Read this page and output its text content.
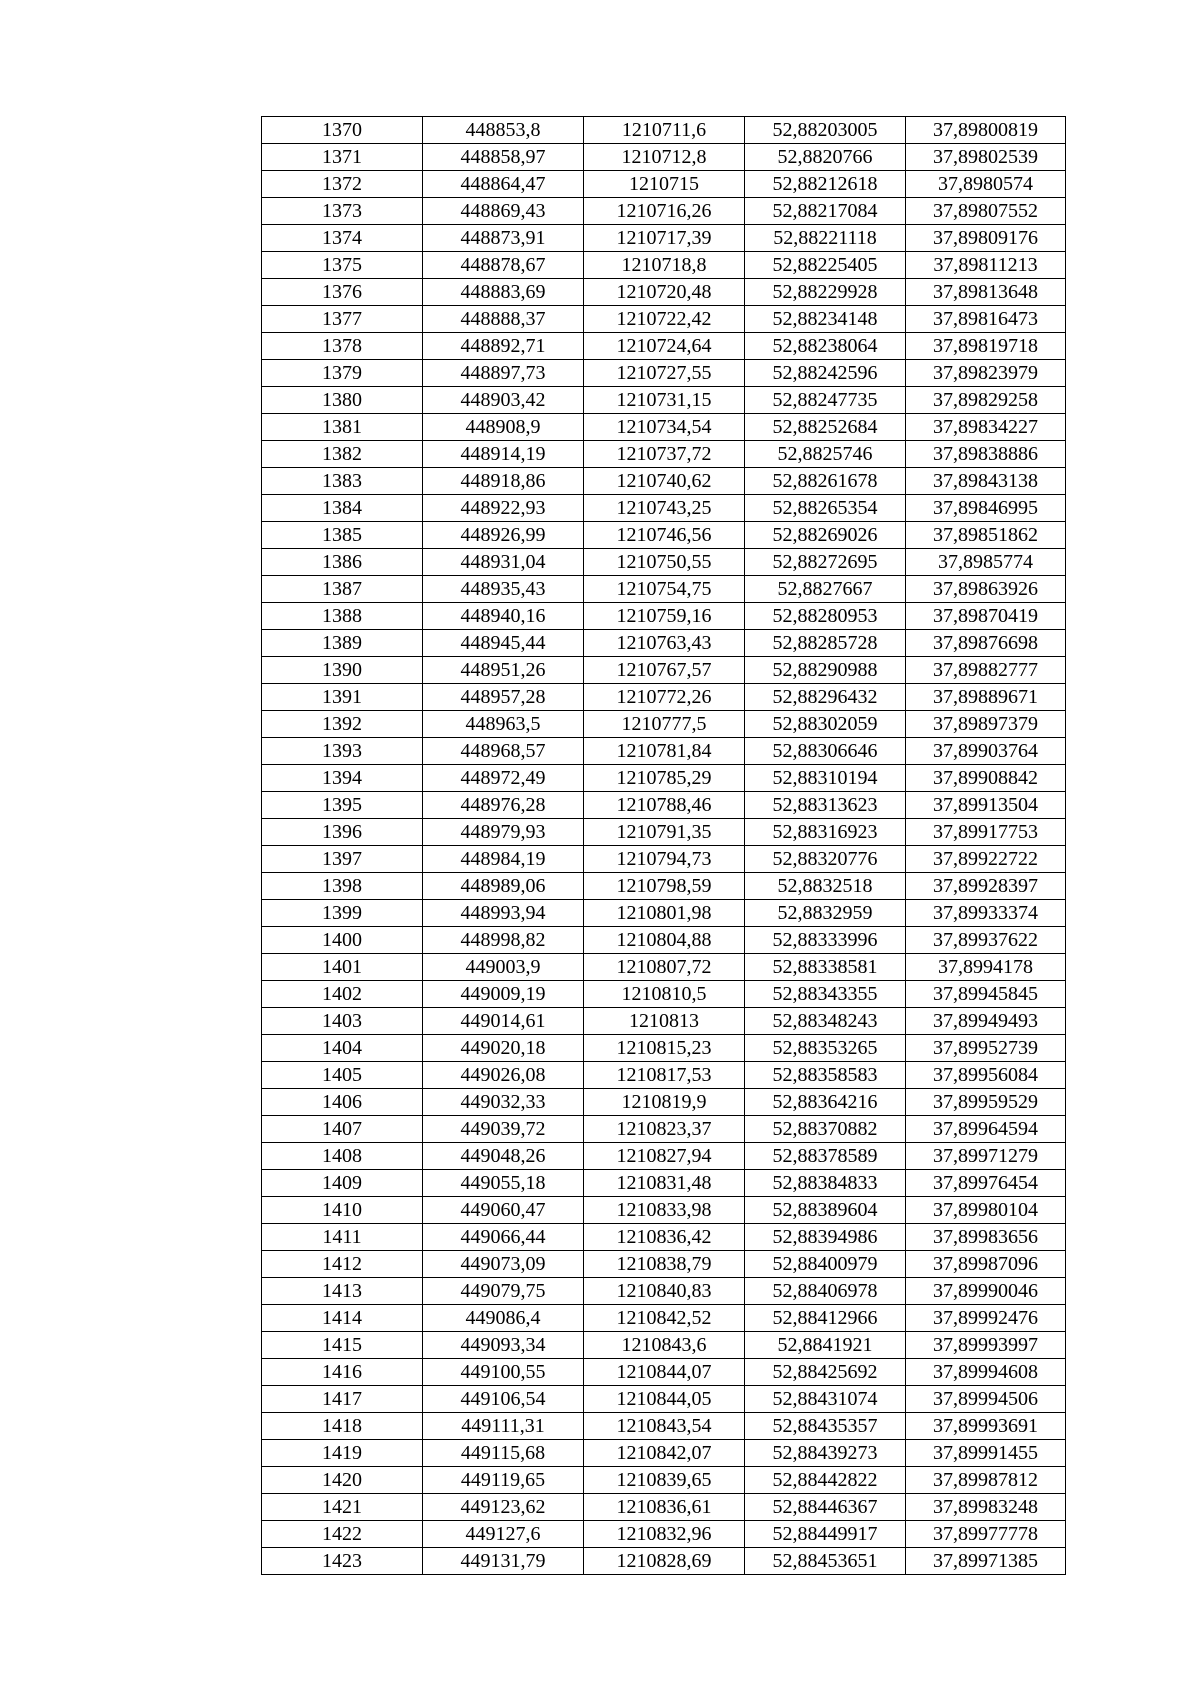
1370	448853,8	1210711,6	52,88203005	37,89800819
1371	448858,97	1210712,8	52,8820766	37,89802539
1372	448864,47	1210715	52,88212618	37,8980574
1373	448869,43	1210716,26	52,88217084	37,89807552
1374	448873,91	1210717,39	52,88221118	37,89809176
1375	448878,67	1210718,8	52,88225405	37,89811213
1376	448883,69	1210720,48	52,88229928	37,89813648
1377	448888,37	1210722,42	52,88234148	37,89816473
1378	448892,71	1210724,64	52,88238064	37,89819718
1379	448897,73	1210727,55	52,88242596	37,89823979
1380	448903,42	1210731,15	52,88247735	37,89829258
1381	448908,9	1210734,54	52,88252684	37,89834227
1382	448914,19	1210737,72	52,8825746	37,89838886
1383	448918,86	1210740,62	52,88261678	37,89843138
1384	448922,93	1210743,25	52,88265354	37,89846995
1385	448926,99	1210746,56	52,88269026	37,89851862
1386	448931,04	1210750,55	52,88272695	37,8985774
1387	448935,43	1210754,75	52,8827667	37,89863926
1388	448940,16	1210759,16	52,88280953	37,89870419
1389	448945,44	1210763,43	52,88285728	37,89876698
1390	448951,26	1210767,57	52,88290988	37,89882777
1391	448957,28	1210772,26	52,88296432	37,89889671
1392	448963,5	1210777,5	52,88302059	37,89897379
1393	448968,57	1210781,84	52,88306646	37,89903764
1394	448972,49	1210785,29	52,88310194	37,89908842
1395	448976,28	1210788,46	52,88313623	37,89913504
1396	448979,93	1210791,35	52,88316923	37,89917753
1397	448984,19	1210794,73	52,88320776	37,89922722
1398	448989,06	1210798,59	52,8832518	37,89928397
1399	448993,94	1210801,98	52,8832959	37,89933374
1400	448998,82	1210804,88	52,88333996	37,89937622
1401	449003,9	1210807,72	52,88338581	37,8994178
1402	449009,19	1210810,5	52,88343355	37,89945845
1403	449014,61	1210813	52,88348243	37,89949493
1404	449020,18	1210815,23	52,88353265	37,89952739
1405	449026,08	1210817,53	52,88358583	37,89956084
1406	449032,33	1210819,9	52,88364216	37,89959529
1407	449039,72	1210823,37	52,88370882	37,89964594
1408	449048,26	1210827,94	52,88378589	37,89971279
1409	449055,18	1210831,48	52,88384833	37,89976454
1410	449060,47	1210833,98	52,88389604	37,89980104
1411	449066,44	1210836,42	52,88394986	37,89983656
1412	449073,09	1210838,79	52,88400979	37,89987096
1413	449079,75	1210840,83	52,88406978	37,89990046
1414	449086,4	1210842,52	52,88412966	37,89992476
1415	449093,34	1210843,6	52,8841921	37,89993997
1416	449100,55	1210844,07	52,88425692	37,89994608
1417	449106,54	1210844,05	52,88431074	37,89994506
1418	449111,31	1210843,54	52,88435357	37,89993691
1419	449115,68	1210842,07	52,88439273	37,89991455
1420	449119,65	1210839,65	52,88442822	37,89987812
1421	449123,62	1210836,61	52,88446367	37,89983248
1422	449127,6	1210832,96	52,88449917	37,89977778
1423	449131,79	1210828,69	52,88453651	37,89971385
